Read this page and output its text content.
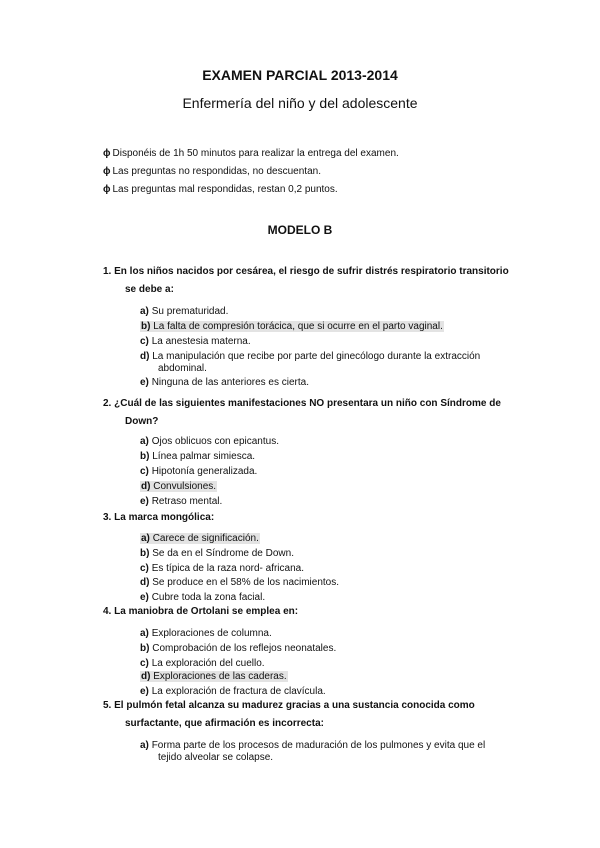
EXAMEN PARCIAL 2013-2014
Enfermería del niño y del adolescente
ϕ Disponéis de 1h 50 minutos para realizar la entrega del examen.
ϕ Las preguntas no respondidas, no descuentan.
ϕ Las preguntas mal respondidas, restan 0,2 puntos.
MODELO B
1. En los niños nacidos por cesárea, el riesgo de sufrir distrés respiratorio transitorio
se debe a:
a) Su prematuridad.
b) La falta de compresión torácica, que si ocurre en el parto vaginal.
c) La anestesia materna.
d) La manipulación que recibe por parte del ginecólogo durante la extracción
abdominal.
e) Ninguna de las anteriores es cierta.
2. ¿Cuál de las siguientes manifestaciones NO presentara un niño con Síndrome de
Down?
a) Ojos oblicuos con epicantus.
b) Línea palmar simiesca.
c) Hipotonía generalizada.
d) Convulsiones.
e) Retraso mental.
3. La marca mongólica:
a) Carece de significación.
b) Se da en el Síndrome de Down.
c) Es típica de la raza nord- africana.
d) Se produce en el 58% de los nacimientos.
e) Cubre toda la zona facial.
4. La maniobra de Ortolani se emplea en:
a) Exploraciones de columna.
b) Comprobación de los reflejos neonatales.
c) La exploración del cuello.
d) Exploraciones de las caderas.
e) La exploración de fractura de clavícula.
5. El pulmón fetal alcanza su madurez gracias a una sustancia conocida como
surfactante, que afirmación es incorrecta:
a) Forma parte de los procesos de maduración de los pulmones y evita que el
tejido alveolar se colapse.
